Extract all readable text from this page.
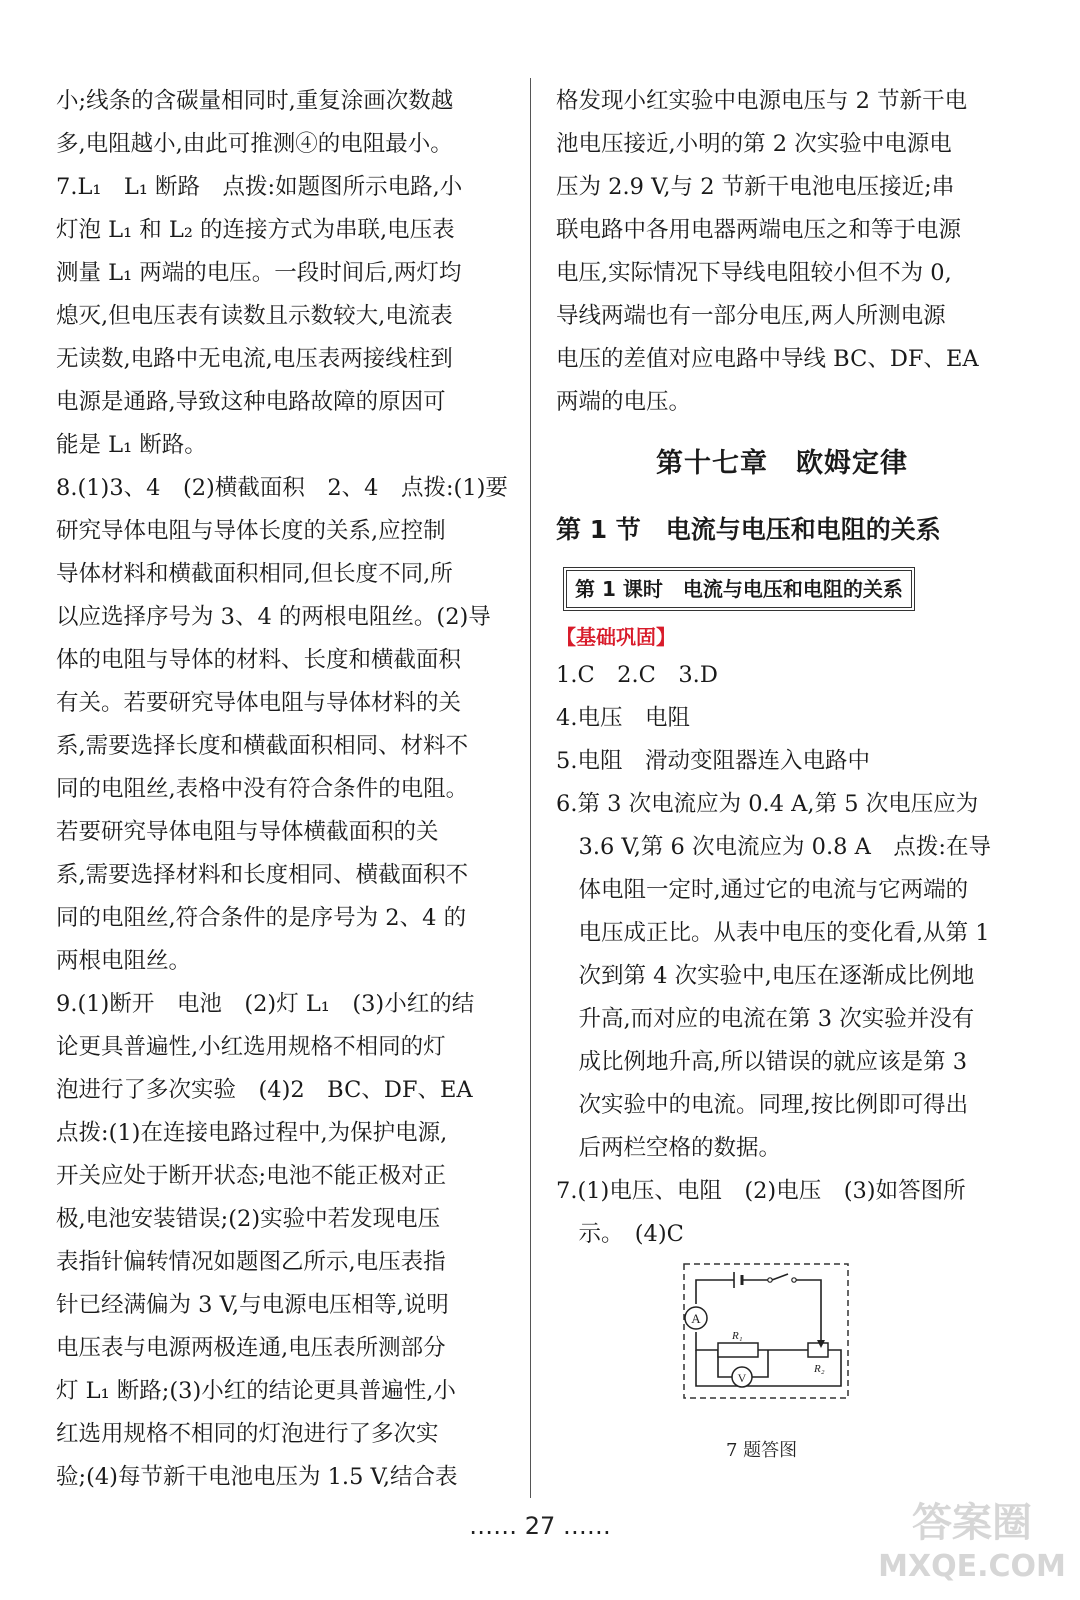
小;线条的含碳量相同时,重复涂画次数越
多,电阻越小,由此可推测④的电阻最小。
7.L₁　L₁ 断路　点拨:如题图所示电路,小
灯泡 L₁ 和 L₂ 的连接方式为串联,电压表
测量 L₁ 两端的电压。一段时间后,两灯均
熄灭,但电压表有读数且示数较大,电流表
无读数,电路中无电流,电压表两接线柱到
电源是通路,导致这种电路故障的原因可
能是 L₁ 断路。
8.(1)3、4　(2)横截面积　2、4　点拨:(1)要
研究导体电阻与导体长度的关系,应控制
导体材料和横截面积相同,但长度不同,所
以应选择序号为 3、4 的两根电阻丝。(2)导
体的电阻与导体的材料、长度和横截面积
有关。若要研究导体电阻与导体材料的关
系,需要选择长度和横截面积相同、材料不
同的电阻丝,表格中没有符合条件的电阻。
若要研究导体电阻与导体横截面积的关
系,需要选择材料和长度相同、横截面积不
同的电阻丝,符合条件的是序号为 2、4 的
两根电阻丝。
9.(1)断开　电池　(2)灯 L₁　(3)小红的结
论更具普遍性,小红选用规格不相同的灯
泡进行了多次实验　(4)2　BC、DF、EA
点拨:(1)在连接电路过程中,为保护电源,
开关应处于断开状态;电池不能正极对正
极,电池安装错误;(2)实验中若发现电压
表指针偏转情况如题图乙所示,电压表指
针已经满偏为 3 V,与电源电压相等,说明
电压表与电源两极连通,电压表所测部分
灯 L₁ 断路;(3)小红的结论更具普遍性,小
红选用规格不相同的灯泡进行了多次实
验;(4)每节新干电池电压为 1.5 V,结合表
格发现小红实验中电源电压与 2 节新干电
池电压接近,小明的第 2 次实验中电源电
压为 2.9 V,与 2 节新干电池电压接近;串
联电路中各用电器两端电压之和等于电源
电压,实际情况下导线电阻较小但不为 0,
导线两端也有一部分电压,两人所测电源
电压的差值对应电路中导线 BC、DF、EA
两端的电压。
第十七章　欧姆定律
第 1 节　电流与电压和电阻的关系
第 1 课时　电流与电压和电阻的关系
【基础巩固】
1.C　2.C　3.D
4.电压　电阻
5.电阻　滑动变阻器连入电路中
6.第 3 次电流应为 0.4 A,第 5 次电压应为
　3.6 V,第 6 次电流应为 0.8 A　点拨:在导
　体电阻一定时,通过它的电流与它两端的
　电压成正比。从表中电压的变化看,从第 1
　次到第 4 次实验中,电压在逐渐成比例地
　升高,而对应的电流在第 3 次实验并没有
　成比例地升高,所以错误的就应该是第 3
　次实验中的电流。同理,按比例即可得出
　后两栏空格的数据。
7.(1)电压、电阻　(2)电压　(3)如答图所
　示。　(4)C
A
R₁
V
R₂
7 题答图
…… 27 ……	答案圈
MXQE.COM
